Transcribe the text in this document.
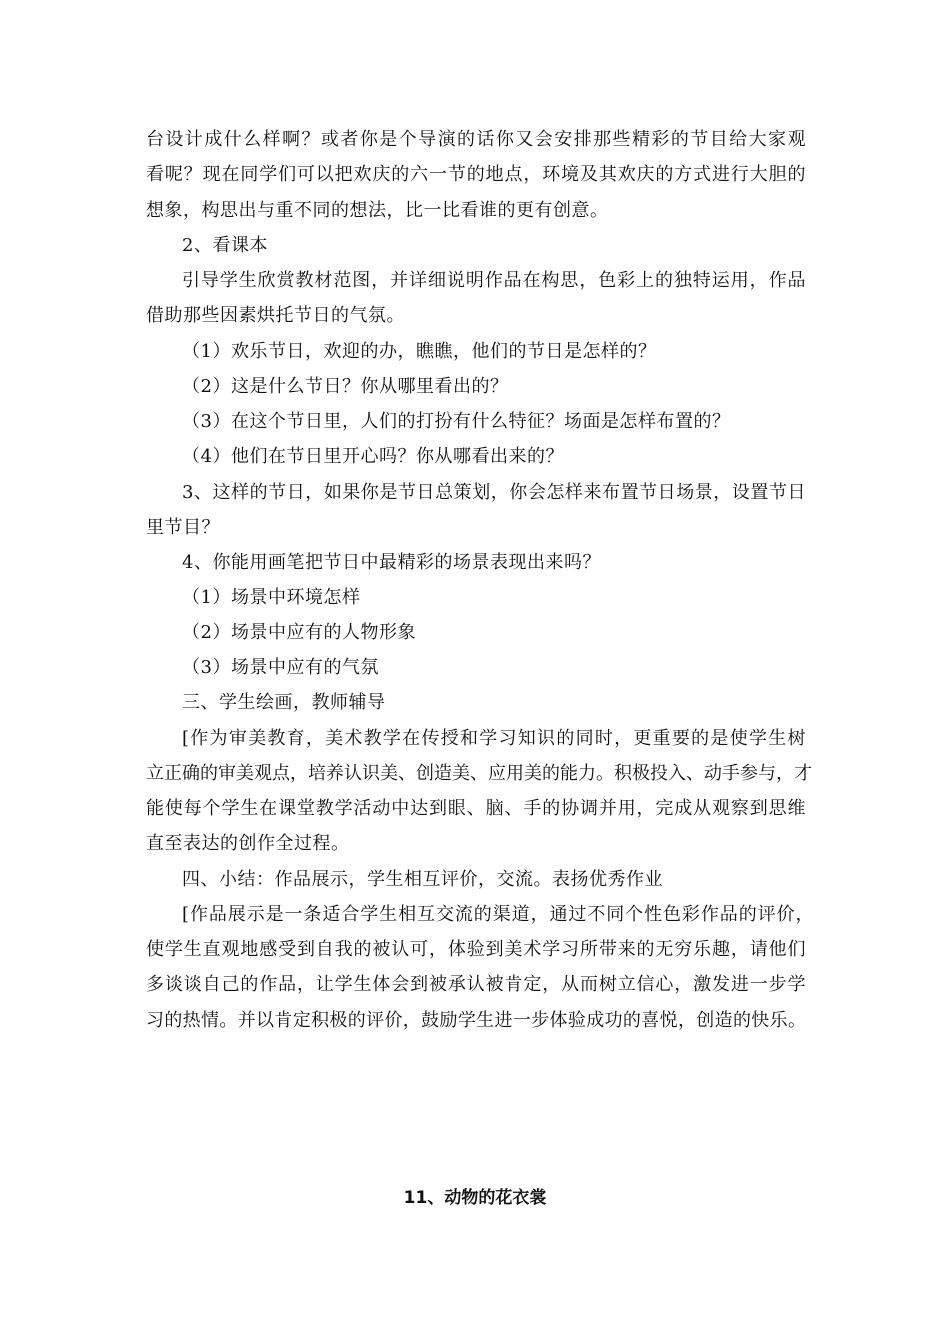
台设计成什么样啊？或者你是个导演的话你又会安排那些精彩的节目给大家观
看呢？现在同学们可以把欢庆的六一节的地点，环境及其欢庆的方式进行大胆的
想象，构思出与重不同的想法，比一比看谁的更有创意。
2、看课本
引导学生欣赏教材范图，并详细说明作品在构思，色彩上的独特运用，作品
借助那些因素烘托节日的气氛。
（1）欢乐节日，欢迎的办，瞧瞧，他们的节日是怎样的？
（2）这是什么节日？你从哪里看出的？
（3）在这个节日里，人们的打扮有什么特征？场面是怎样布置的？
（4）他们在节日里开心吗？你从哪看出来的？
3、这样的节日，如果你是节日总策划，你会怎样来布置节日场景，设置节日
里节目？
4、你能用画笔把节日中最精彩的场景表现出来吗？
（1）场景中环境怎样
（2）场景中应有的人物形象
（3）场景中应有的气氛
三、学生绘画，教师辅导
[作为审美教育，美术教学在传授和学习知识的同时，更重要的是使学生树
立正确的审美观点，培养认识美、创造美、应用美的能力。积极投入、动手参与，才
能使每个学生在课堂教学活动中达到眼、脑、手的协调并用，完成从观察到思维
直至表达的创作全过程。
四、小结：作品展示，学生相互评价，交流。表扬优秀作业
[作品展示是一条适合学生相互交流的渠道，通过不同个性色彩作品的评价，
使学生直观地感受到自我的被认可，体验到美术学习所带来的无穷乐趣，请他们
多谈谈自己的作品，让学生体会到被承认被肯定，从而树立信心，激发进一步学
习的热情。并以肯定积极的评价，鼓励学生进一步体验成功的喜悦，创造的快乐。
11、动物的花衣裳
